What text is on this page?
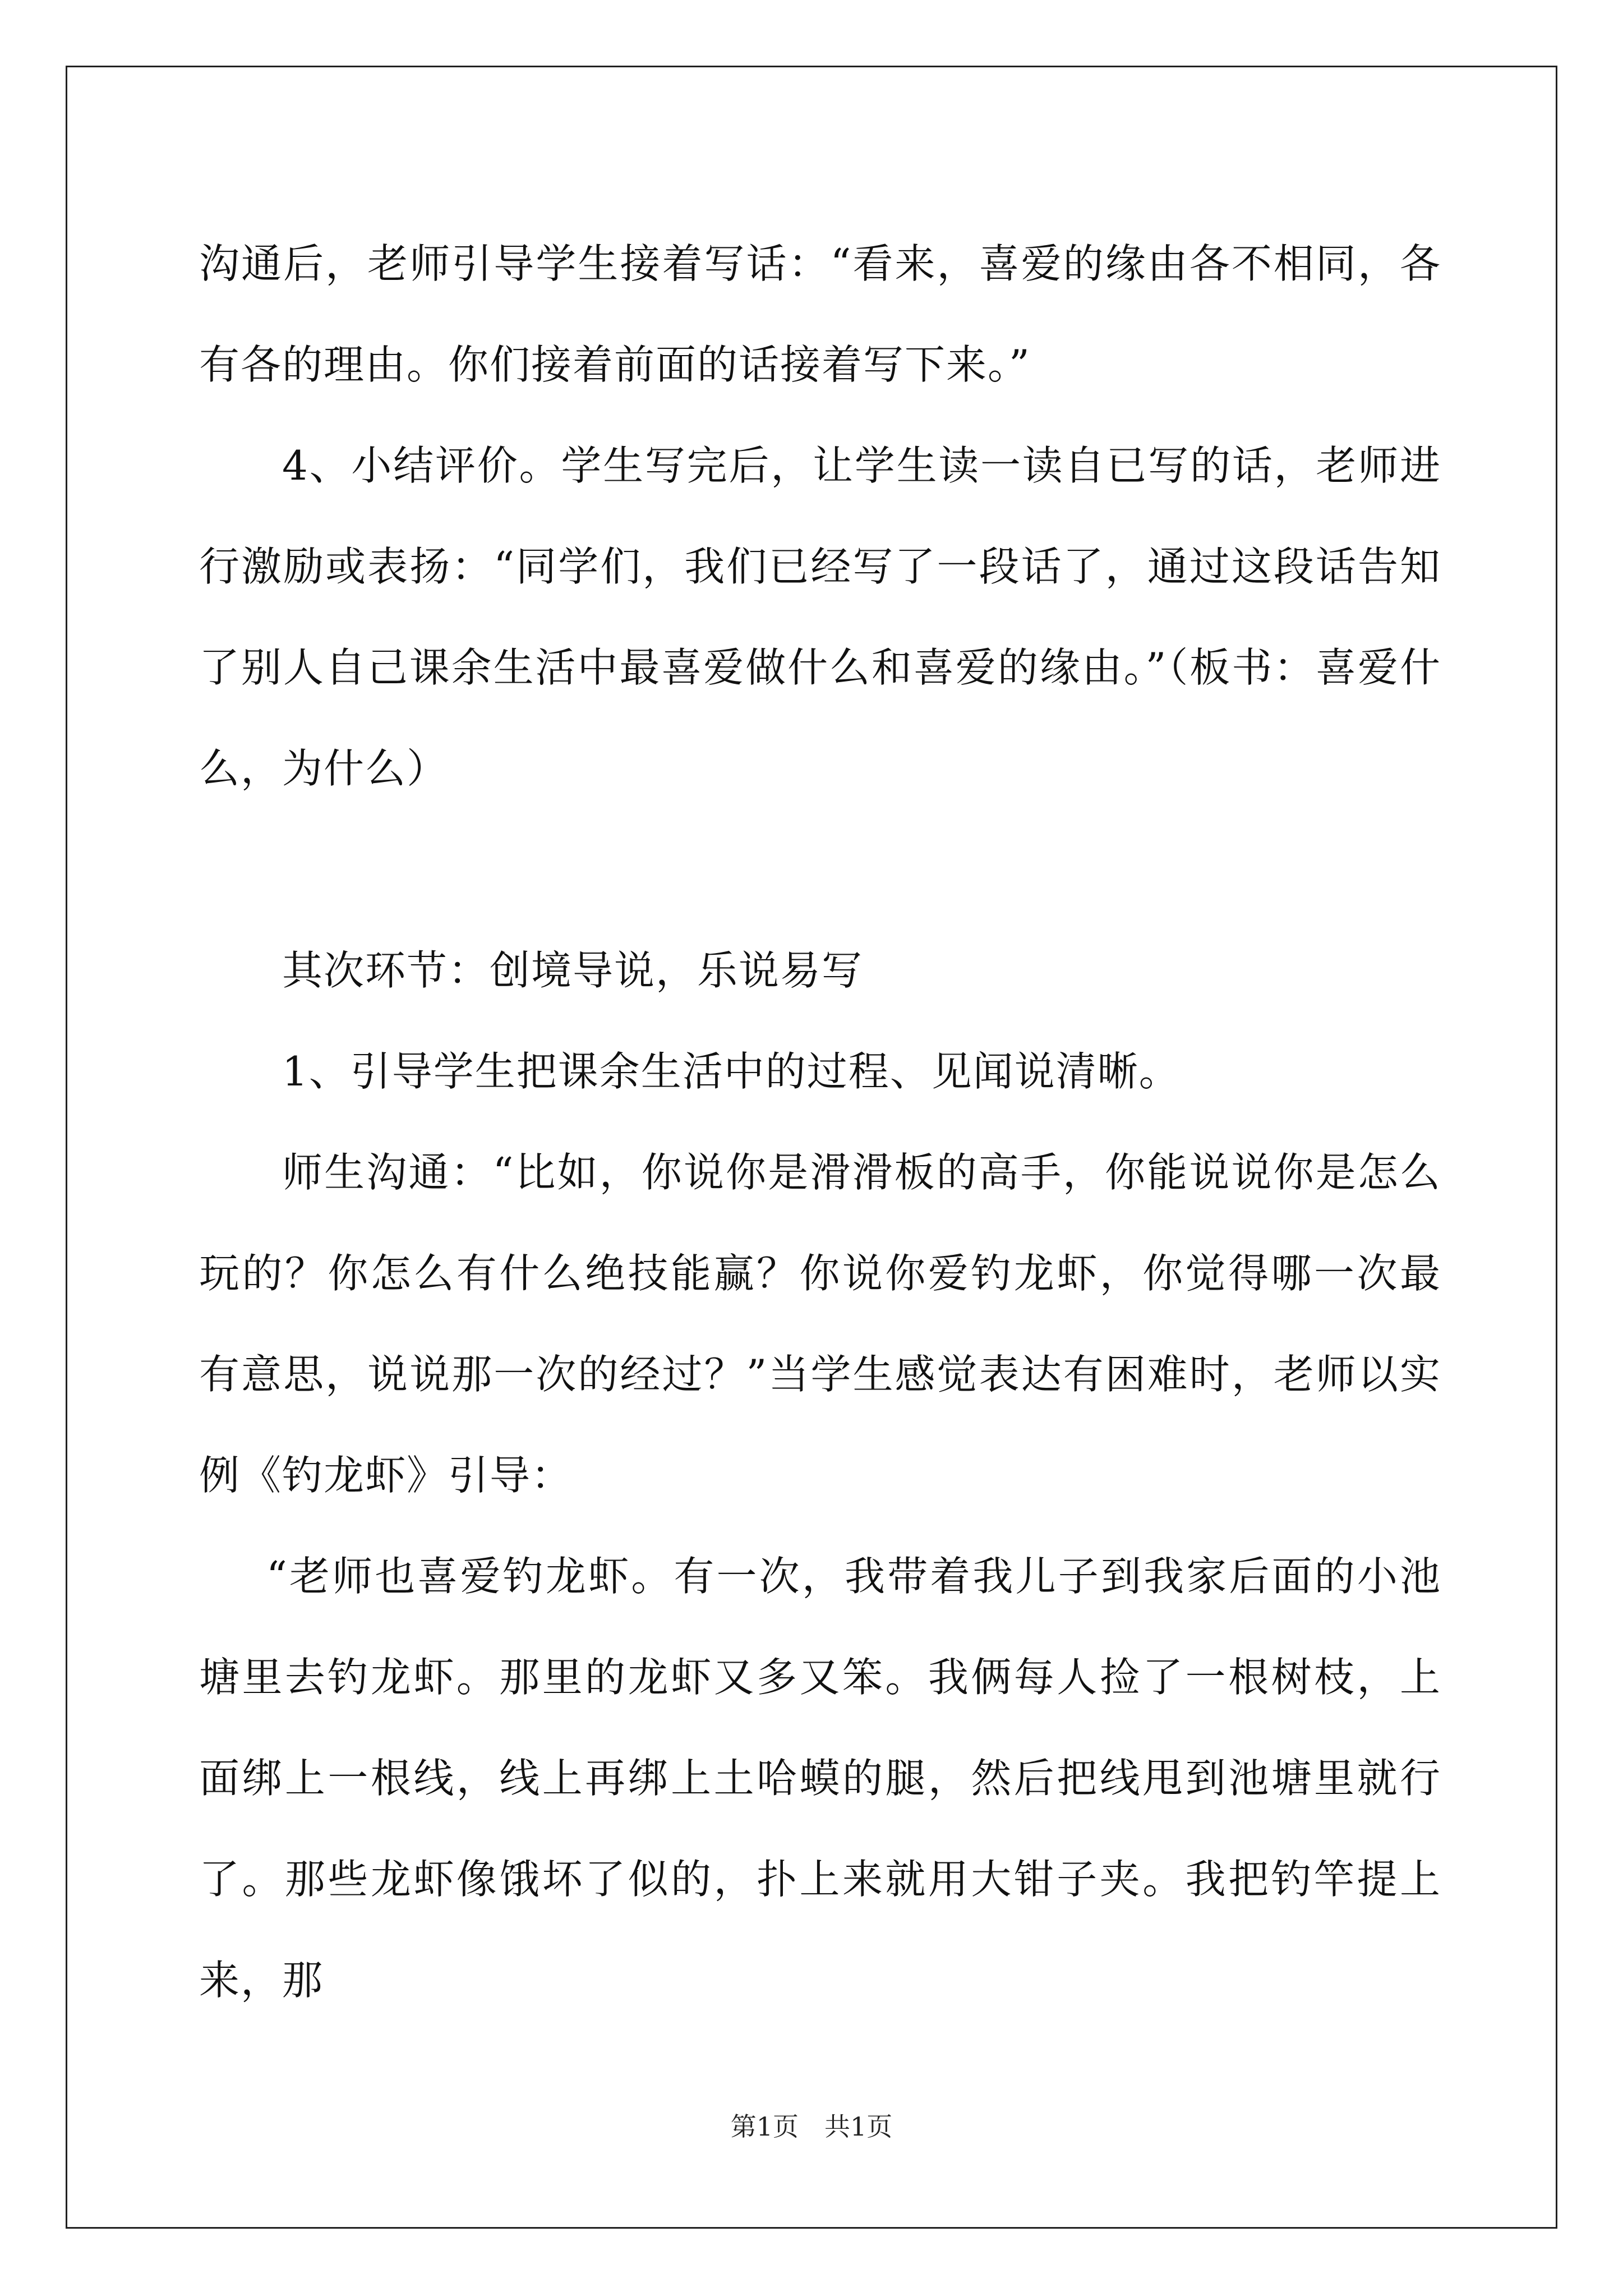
沟通后，老师引导学生接着写话：“看来，喜爱的缘由各不相同，各有各的理由。你们接着前面的话接着写下来。”

4、小结评价。学生写完后，让学生读一读自已写的话，老师进行激励或表扬：“同学们，我们已经写了一段话了，通过这段话告知了别人自己课余生活中最喜爱做什么和喜爱的缘由。”（板书：喜爱什么，为什么）

其次环节：创境导说，乐说易写

1、引导学生把课余生活中的过程、见闻说清晰。

师生沟通：“比如，你说你是滑滑板的高手，你能说说你是怎么玩的？你怎么有什么绝技能赢？你说你爱钓龙虾，你觉得哪一次最有意思，说说那一次的经过？”当学生感觉表达有困难时，老师以实例《钓龙虾》引导：

“老师也喜爱钓龙虾。有一次，我带着我儿子到我家后面的小池塘里去钓龙虾。那里的龙虾又多又笨。我俩每人捡了一根树枝，上面绑上一根线，线上再绑上土哈蟆的腿，然后把线甩到池塘里就行了。那些龙虾像饿坏了似的，扑上来就用大钳子夹。我把钓竿提上来，那

第1页　共1页
